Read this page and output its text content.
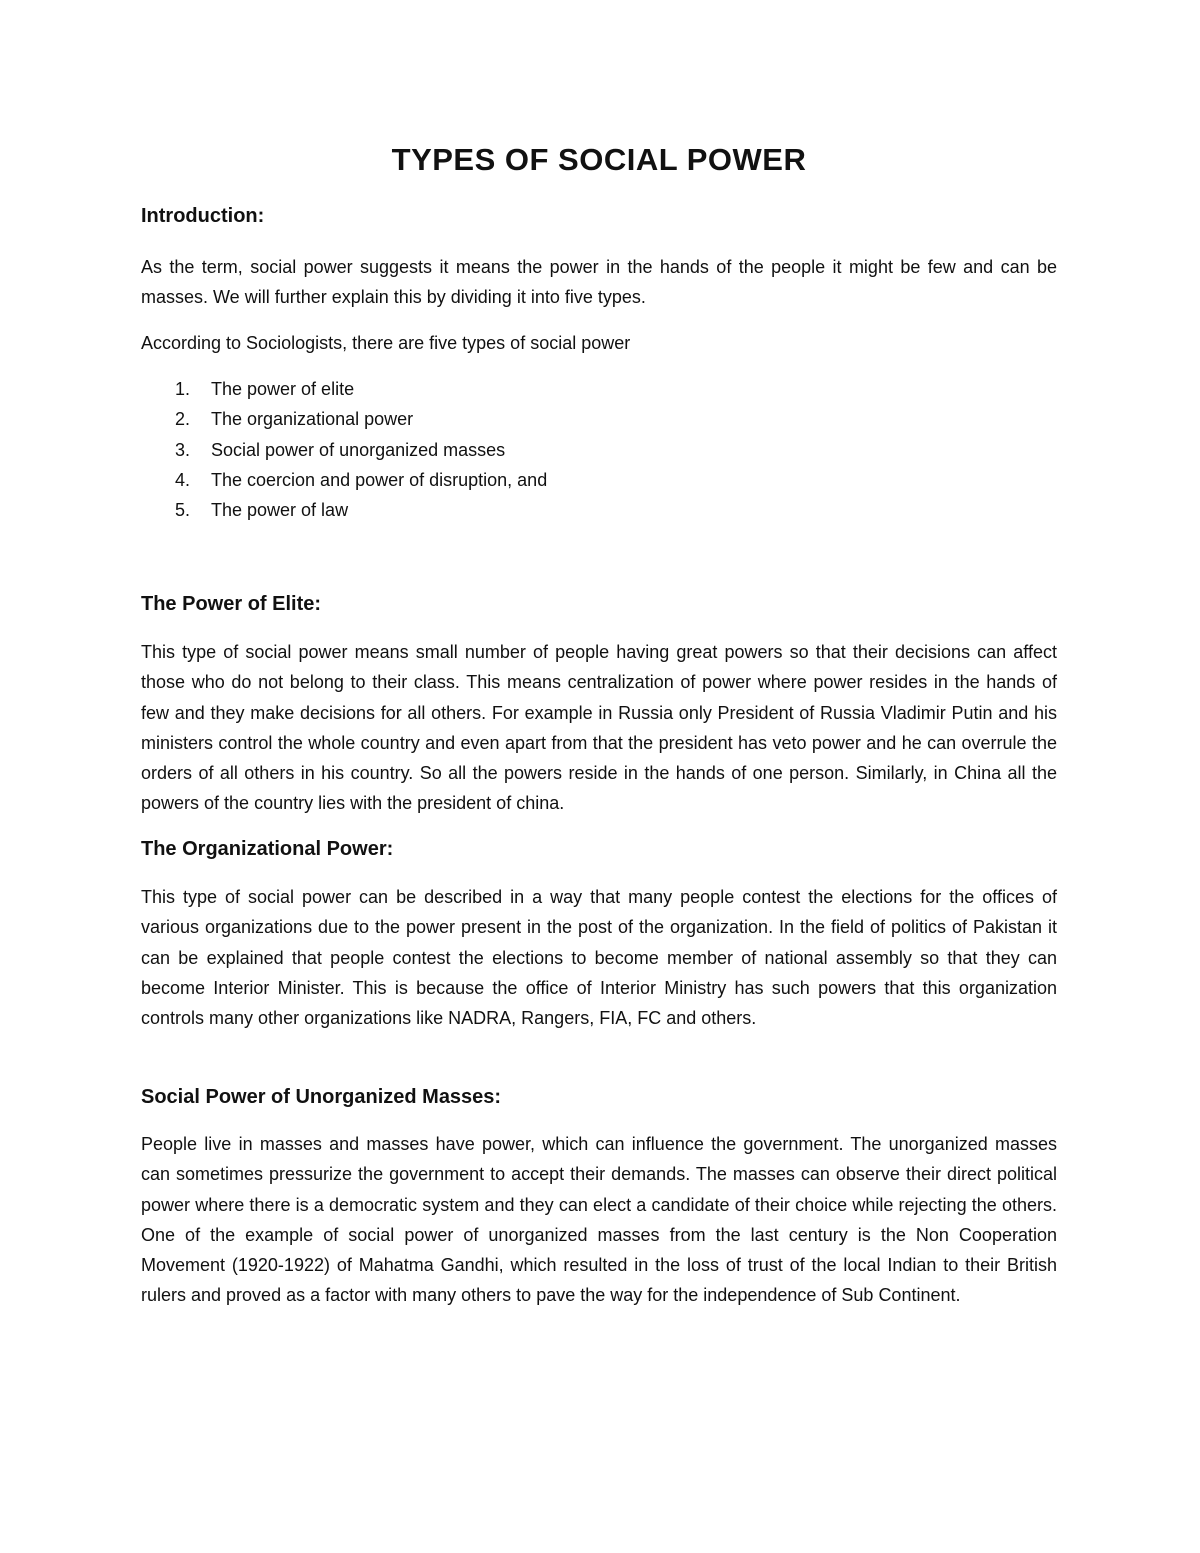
TYPES OF SOCIAL POWER
Introduction:

As the term, social power suggests it means the power in the hands of the people it might be few and can be masses. We will further explain this by dividing it into five types.

According to Sociologists, there are five types of social power

1. The power of elite
2. The organizational power
3. Social power of unorganized masses
4. The coercion and power of disruption, and
5. The power of law
The Power of Elite:

This type of social power means small number of people having great powers so that their decisions can affect those who do not belong to their class. This means centralization of power where power resides in the hands of few and they make decisions for all others. For example in Russia only President of Russia Vladimir Putin and his ministers control the whole country and even apart from that the president has veto power and he can overrule the orders of all others in his country. So all the powers reside in the hands of one person. Similarly, in China all the powers of the country lies with the president of china.

The Organizational Power:

This type of social power can be described in a way that many people contest the elections for the offices of various organizations due to the power present in the post of the organization. In the field of politics of Pakistan it can be explained that people contest the elections to become member of national assembly so that they can become Interior Minister. This is because the office of Interior Ministry has such powers that this organization controls many other organizations like NADRA, Rangers, FIA, FC and others.

Social Power of Unorganized Masses:

People live in masses and masses have power, which can influence the government. The unorganized masses can sometimes pressurize the government to accept their demands. The masses can observe their direct political power where there is a democratic system and they can elect a candidate of their choice while rejecting the others. One of the example of social power of unorganized masses from the last century is the Non Cooperation Movement (1920-1922) of Mahatma Gandhi, which resulted in the loss of trust of the local Indian to their British rulers and proved as a factor with many others to pave the way for the independence of Sub Continent.
